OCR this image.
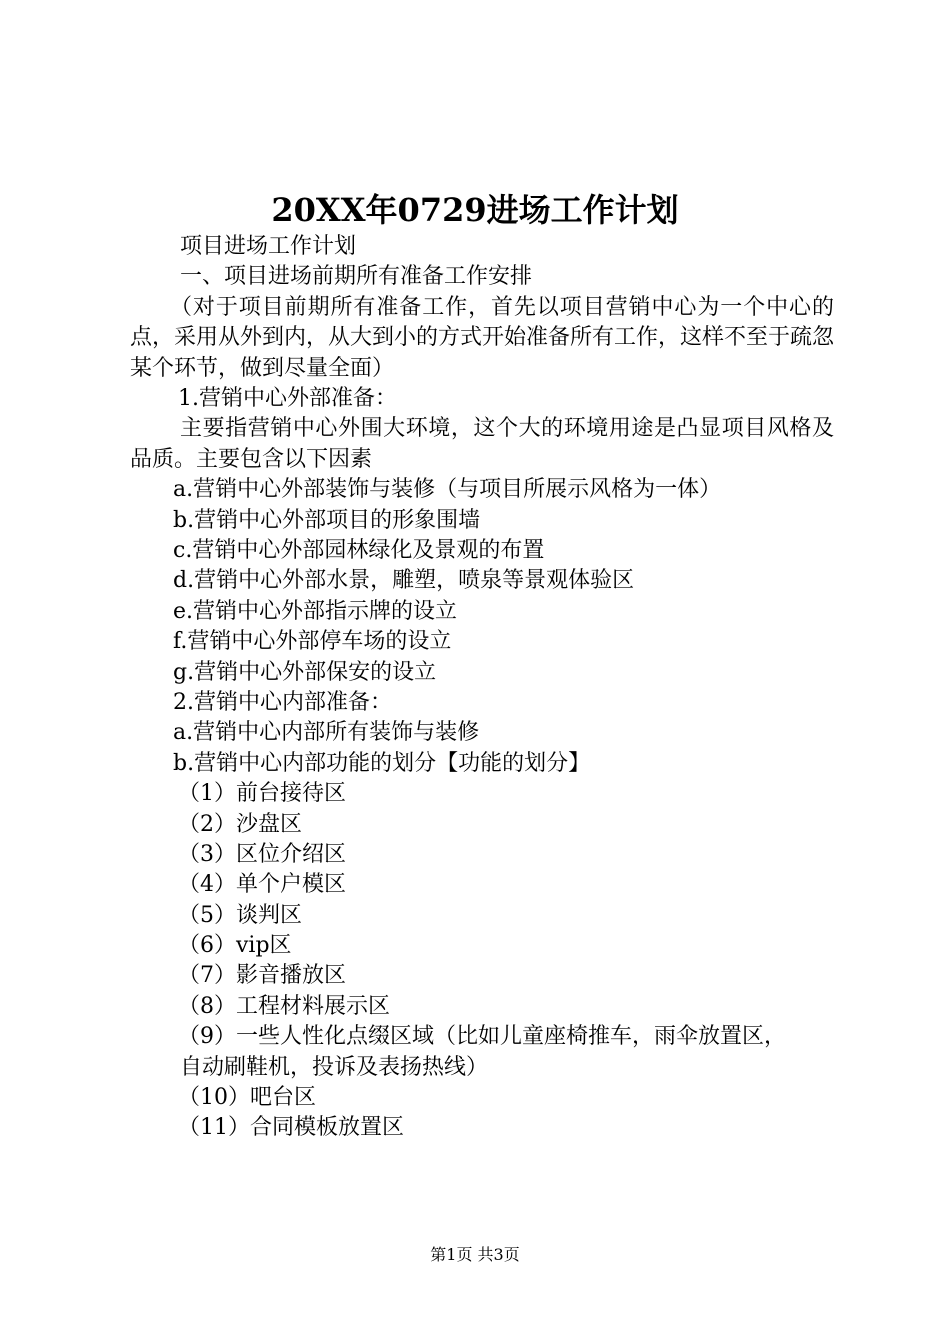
20XX年0729进场工作计划
项目进场工作计划
一、项目进场前期所有准备工作安排
（对于项目前期所有准备工作，首先以项目营销中心为一个中心的点，采用从外到内，从大到小的方式开始准备所有工作，这样不至于疏忽某个环节，做到尽量全面）
1.营销中心外部准备：
主要指营销中心外围大环境，这个大的环境用途是凸显项目风格及品质。主要包含以下因素
a.营销中心外部装饰与装修（与项目所展示风格为一体）
b.营销中心外部项目的形象围墙
c.营销中心外部园林绿化及景观的布置
d.营销中心外部水景，雕塑，喷泉等景观体验区
e.营销中心外部指示牌的设立
f.营销中心外部停车场的设立
g.营销中心外部保安的设立
2.营销中心内部准备：
a.营销中心内部所有装饰与装修
b.营销中心内部功能的划分【功能的划分】
（1）前台接待区
（2）沙盘区
（3）区位介绍区
（4）单个户模区
（5）谈判区
（6）vip区
（7）影音播放区
（8）工程材料展示区
（9）一些人性化点缀区域（比如儿童座椅推车，雨伞放置区，
自动刷鞋机，投诉及表扬热线）
（10）吧台区
（11）合同模板放置区
第1页 共3页
